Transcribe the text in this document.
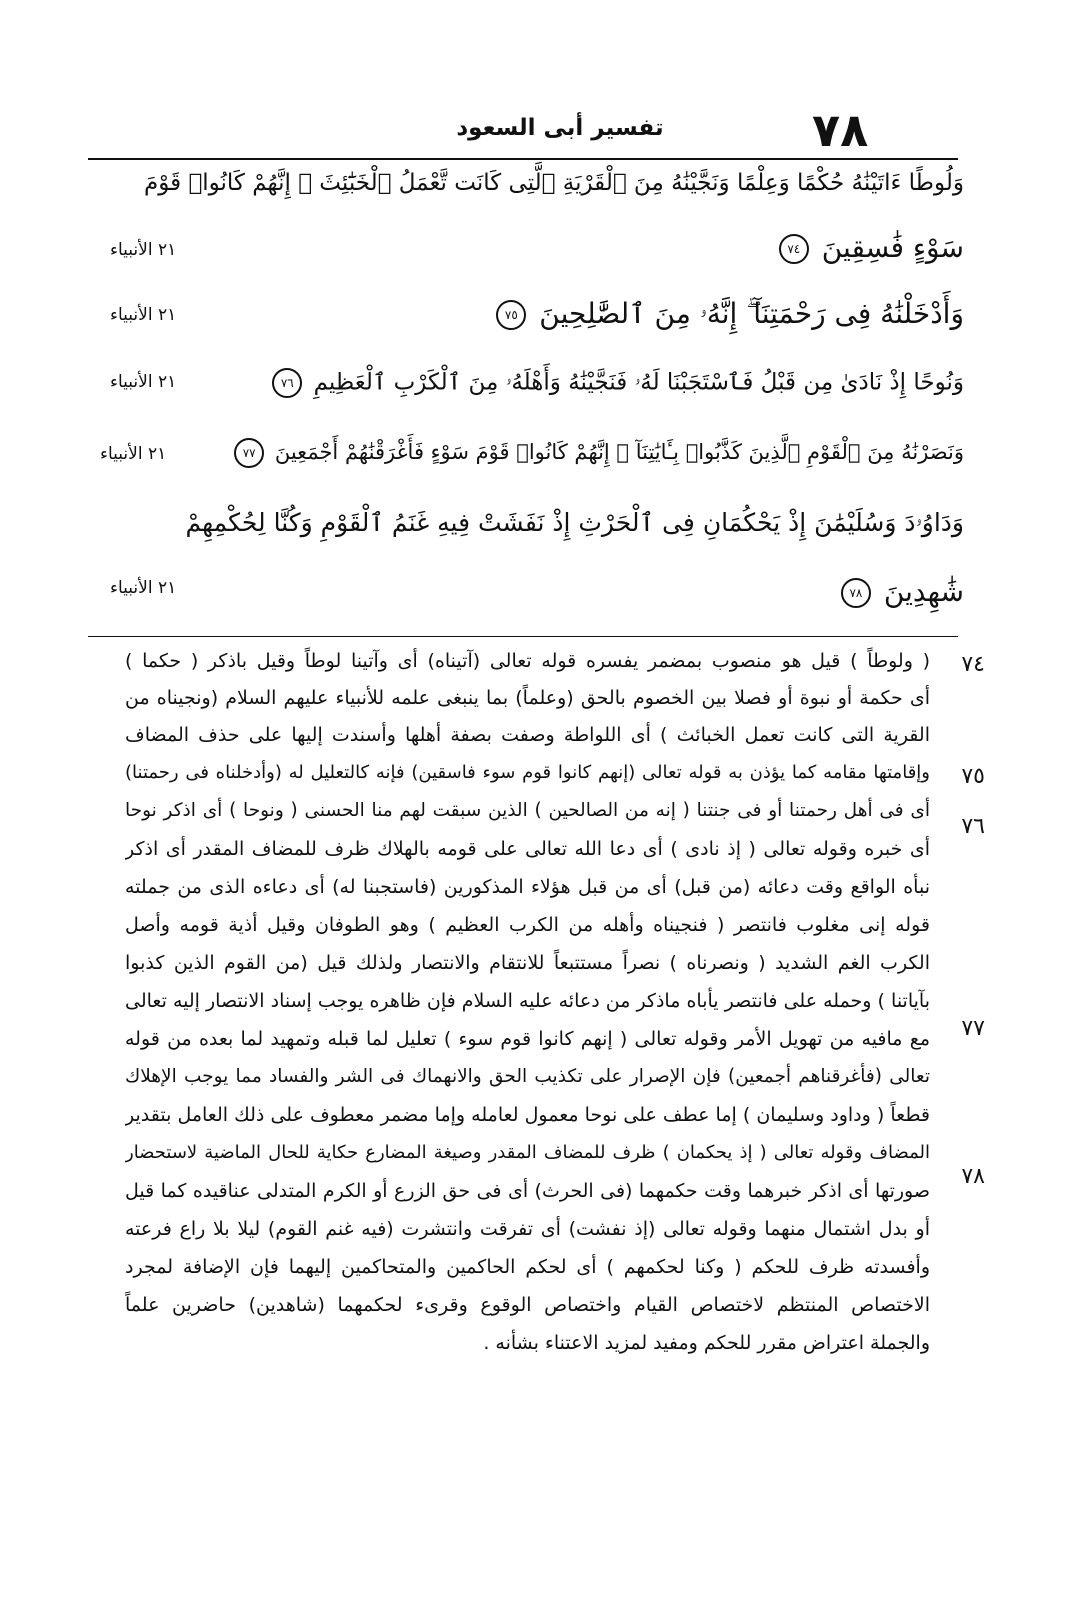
٧٨
تفسير أبى السعود
وَلُوطًا ءَاتَيْنَٰهُ حُكْمًا وَعِلْمًا وَنَجَّيْنَٰهُ مِنَ ٱلْقَرْيَةِ ٱلَّتِى كَانَت تَّعْمَلُ ٱلْخَبَٰٓئِثَ ۗ إِنَّهُمْ كَانُوا۟ قَوْمَ
سَوْءٍ فَٰسِقِينَ ٧٤
٢١ الأنبياء
وَأَدْخَلْنَٰهُ فِى رَحْمَتِنَآ ۖ إِنَّهُۥ مِنَ ٱلصَّٰلِحِينَ ٧٥
٢١ الأنبياء
وَنُوحًا إِذْ نَادَىٰ مِن قَبْلُ فَٱسْتَجَبْنَا لَهُۥ فَنَجَّيْنَٰهُ وَأَهْلَهُۥ مِنَ ٱلْكَرْبِ ٱلْعَظِيمِ ٧٦
٢١ الأنبياء
وَنَصَرْنَٰهُ مِنَ ٱلْقَوْمِ ٱلَّذِينَ كَذَّبُوا۟ بِـَٔايَٰتِنَآ ۚ إِنَّهُمْ كَانُوا۟ قَوْمَ سَوْءٍ فَأَغْرَقْنَٰهُمْ أَجْمَعِينَ ٧٧
٢١ الأنبياء
وَدَاوُۥدَ وَسُلَيْمَٰنَ إِذْ يَحْكُمَانِ فِى ٱلْحَرْثِ إِذْ نَفَشَتْ فِيهِ غَنَمُ ٱلْقَوْمِ وَكُنَّا لِحُكْمِهِمْ
شَٰهِدِينَ ٧٨
٢١ الأنبياء
٧٤
٧٥
٧٦
٧٧
٧٨
( ولوطاً ) قيل هو منصوب بمضمر يفسره قوله تعالى (آتيناه) أى وآتينا لوطاً وقيل باذكر ( حكما )
أى حكمة أو نبوة أو فصلا بين الخصوم بالحق (وعلماً) بما ينبغى علمه للأنبياء عليهم السلام (ونجيناه من
القرية التى كانت تعمل الخبائث ) أى اللواطة وصفت بصفة أهلها وأسندت إليها على حذف المضاف
وإقامتها مقامه كما يؤذن به قوله تعالى (إنهم كانوا قوم سوء فاسقين) فإنه كالتعليل له (وأدخلناه فى رحمتنا)
أى فى أهل رحمتنا أو فى جنتنا ( إنه من الصالحين ) الذين سبقت لهم منا الحسنى ( ونوحا ) أى اذكر نوحا
أى خبره وقوله تعالى ( إذ نادى ) أى دعا الله تعالى على قومه بالهلاك ظرف للمضاف المقدر أى اذكر
نبأه الواقع وقت دعائه (من قبل) أى من قبل هؤلاء المذكورين (فاستجبنا له) أى دعاءه الذى من جملته
قوله إنى مغلوب فانتصر ( فنجيناه وأهله من الكرب العظيم ) وهو الطوفان وقيل أذية قومه وأصل
الكرب الغم الشديد ( ونصرناه ) نصراً مستتبعاً للانتقام والانتصار ولذلك قيل (من القوم الذين كذبوا
بآياتنا ) وحمله على فانتصر يأباه ماذكر من دعائه عليه السلام فإن ظاهره يوجب إسناد الانتصار إليه تعالى
مع مافيه من تهويل الأمر وقوله تعالى ( إنهم كانوا قوم سوء ) تعليل لما قبله وتمهيد لما بعده من قوله
تعالى (فأغرقناهم أجمعين) فإن الإصرار على تكذيب الحق والانهماك فى الشر والفساد مما يوجب الإهلاك
قطعاً ( وداود وسليمان ) إما عطف على نوحا معمول لعامله وإما مضمر معطوف على ذلك العامل بتقدير
المضاف وقوله تعالى ( إذ يحكمان ) ظرف للمضاف المقدر وصيغة المضارع حكاية للحال الماضية لاستحضار
صورتها أى اذكر خبرهما وقت حكمهما (فى الحرث) أى فى حق الزرع أو الكرم المتدلى عناقيده كما قيل
أو بدل اشتمال منهما وقوله تعالى (إذ نفشت) أى تفرقت وانتشرت (فيه غنم القوم) ليلا بلا راع فرعته
وأفسدته ظرف للحكم ( وكنا لحكمهم ) أى لحكم الحاكمين والمتحاكمين إليهما فإن الإضافة لمجرد
الاختصاص المنتظم لاختصاص القيام واختصاص الوقوع وقرىء لحكمهما (شاهدين) حاضرين علماً
والجملة اعتراض مقرر للحكم ومفيد لمزيد الاعتناء بشأنه .
